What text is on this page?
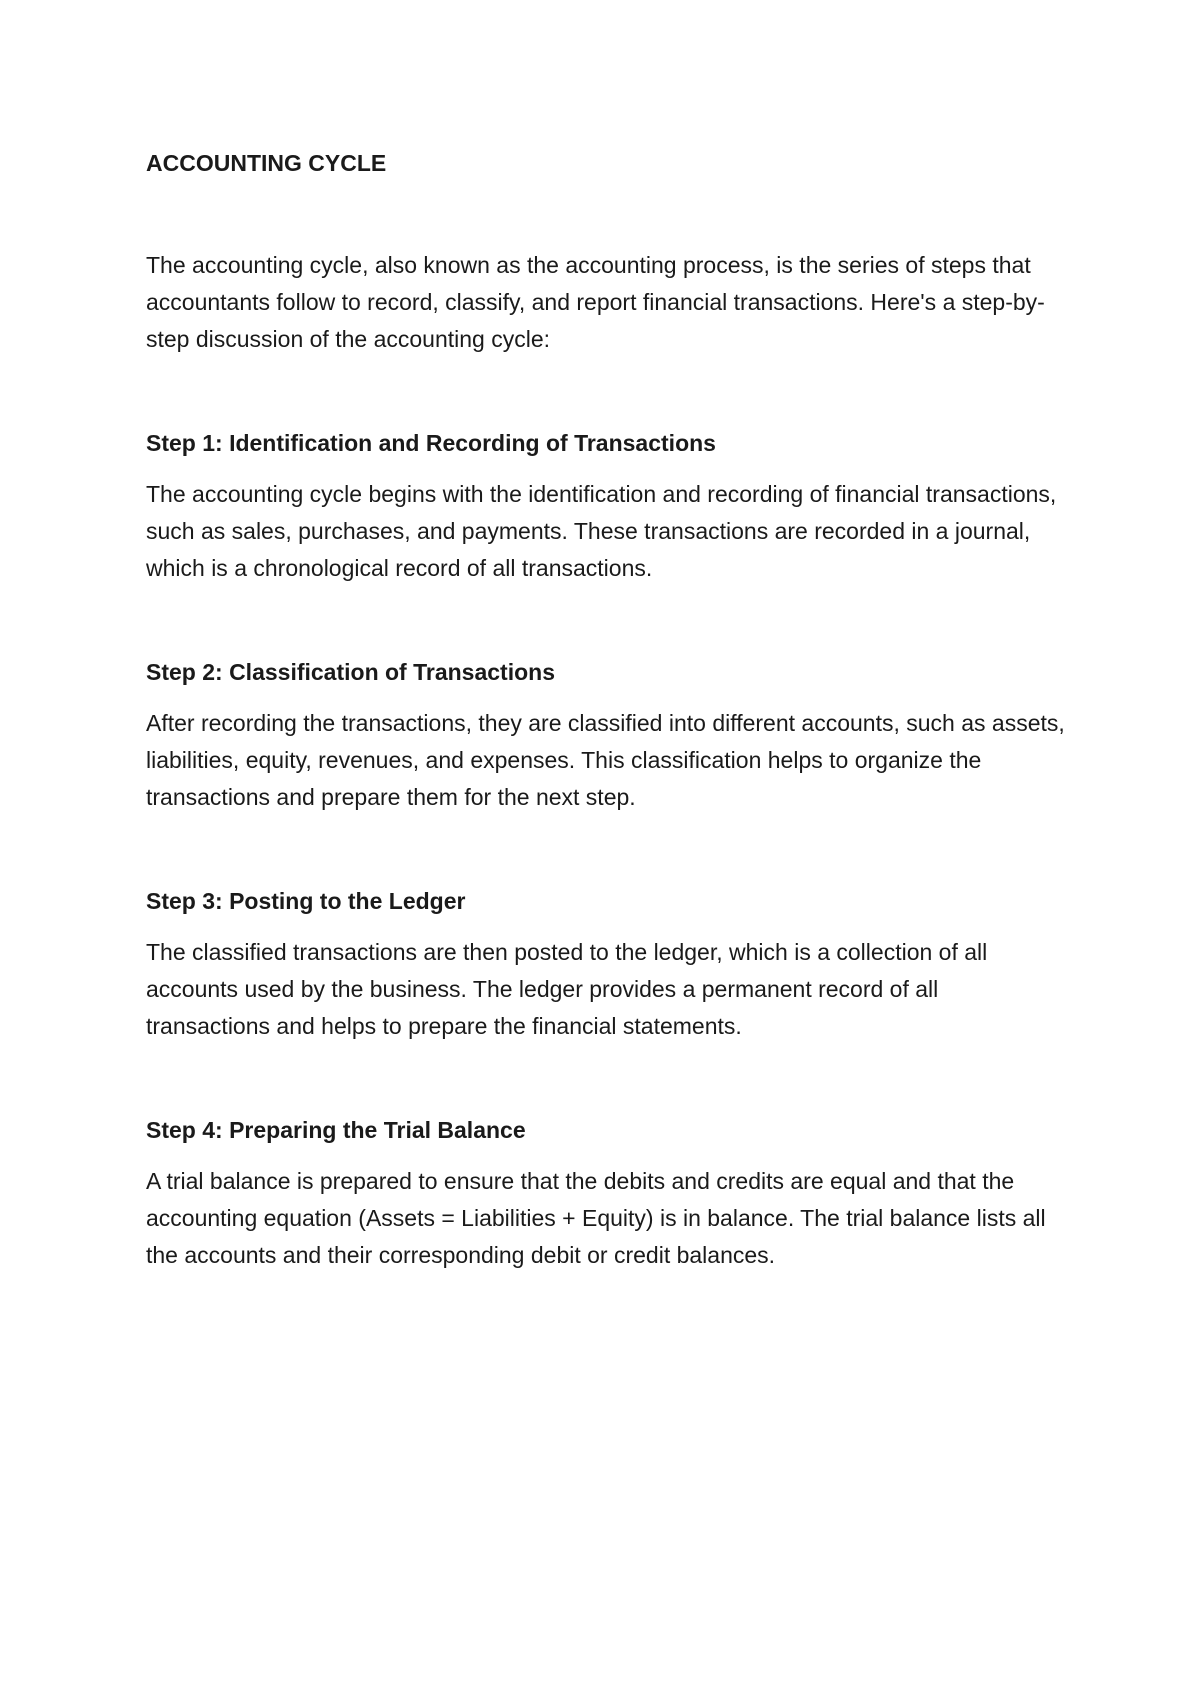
ACCOUNTING CYCLE

The accounting cycle, also known as the accounting process, is the series of steps that accountants follow to record, classify, and report financial transactions. Here's a step-by-step discussion of the accounting cycle:

Step 1: Identification and Recording of Transactions

The accounting cycle begins with the identification and recording of financial transactions, such as sales, purchases, and payments. These transactions are recorded in a journal, which is a chronological record of all transactions.

Step 2: Classification of Transactions

After recording the transactions, they are classified into different accounts, such as assets, liabilities, equity, revenues, and expenses. This classification helps to organize the transactions and prepare them for the next step.

Step 3: Posting to the Ledger

The classified transactions are then posted to the ledger, which is a collection of all accounts used by the business. The ledger provides a permanent record of all transactions and helps to prepare the financial statements.

Step 4: Preparing the Trial Balance

A trial balance is prepared to ensure that the debits and credits are equal and that the accounting equation (Assets = Liabilities + Equity) is in balance. The trial balance lists all the accounts and their corresponding debit or credit balances.
